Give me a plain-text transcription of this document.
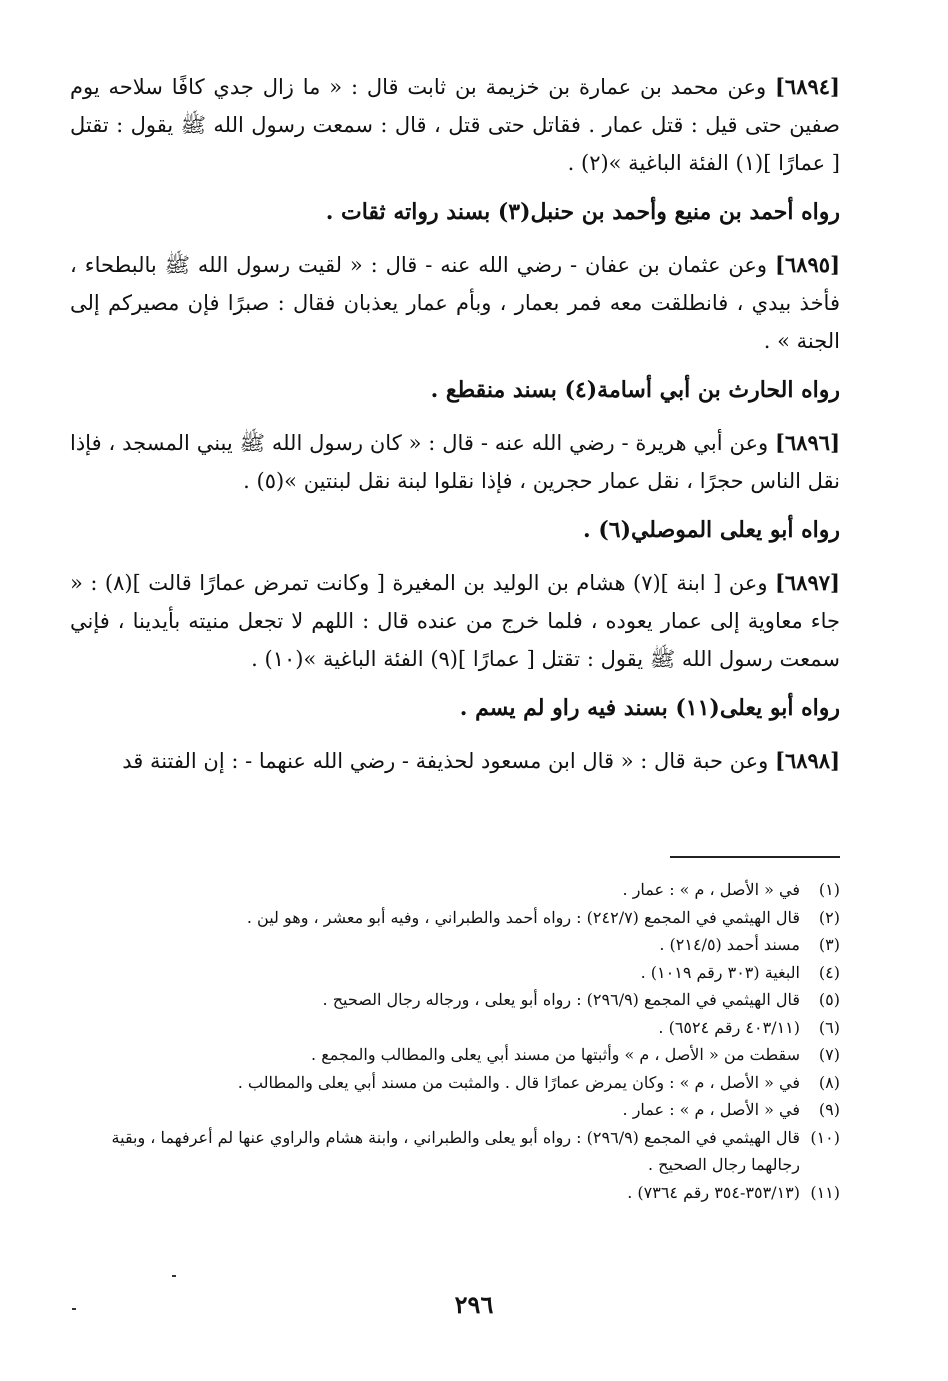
[٦٨٩٤] وعن محمد بن عمارة بن خزيمة بن ثابت قال : « ما زال جدي كافًا سلاحه يوم صفين حتى قيل : قتل عمار . فقاتل حتى قتل ، قال : سمعت رسول الله ﷺ يقول : تقتل [ عمارًا ](١) الفئة الباغية »(٢) .

رواه أحمد بن منيع وأحمد بن حنبل(٣) بسند رواته ثقات .

[٦٨٩٥] وعن عثمان بن عفان - رضي الله عنه - قال : « لقيت رسول الله ﷺ بالبطحاء ، فأخذ بيدي ، فانطلقت معه فمر بعمار ، وبأم عمار يعذبان فقال : صبرًا فإن مصيركم إلى الجنة » .

رواه الحارث بن أبي أسامة(٤) بسند منقطع .

[٦٨٩٦] وعن أبي هريرة - رضي الله عنه - قال : « كان رسول الله ﷺ يبني المسجد ، فإذا نقل الناس حجرًا ، نقل عمار حجرين ، فإذا نقلوا لبنة نقل لبنتين »(٥) .

رواه أبو يعلى الموصلي(٦) .

[٦٨٩٧] وعن [ ابنة ](٧) هشام بن الوليد بن المغيرة [ وكانت تمرض عمارًا قالت ](٨) : « جاء معاوية إلى عمار يعوده ، فلما خرج من عنده قال : اللهم لا تجعل منيته بأيدينا ، فإني سمعت رسول الله ﷺ يقول : تقتل [ عمارًا ](٩) الفئة الباغية »(١٠) .

رواه أبو يعلى(١١) بسند فيه راو لم يسم .

[٦٨٩٨] وعن حبة قال : « قال ابن مسعود لحذيفة - رضي الله عنهما - : إن الفتنة قد

(١)
في « الأصل ، م » : عمار .
(٢)
قال الهيثمي في المجمع (٢٤٢/٧) : رواه أحمد والطبراني ، وفيه أبو معشر ، وهو لين .
(٣)
مسند أحمد (٢١٤/٥) .
(٤)
البغية (٣٠٣ رقم ١٠١٩) .
(٥)
قال الهيثمي في المجمع (٢٩٦/٩) : رواه أبو يعلى ، ورجاله رجال الصحيح .
(٦)
(٤٠٣/١١ رقم ٦٥٢٤) .
(٧)
سقطت من « الأصل ، م » وأثبتها من مسند أبي يعلى والمطالب والمجمع .
(٨)
في « الأصل ، م » : وكان يمرض عمارًا قال . والمثبت من مسند أبي يعلى والمطالب .
(٩)
في « الأصل ، م » : عمار .
(١٠)
قال الهيثمي في المجمع (٢٩٦/٩) : رواه أبو يعلى والطبراني ، وابنة هشام والراوي عنها لم أعرفهما ، وبقية رجالهما رجال الصحيح .
(١١)
(٣٥٣/١٣-٣٥٤ رقم ٧٣٦٤) .
٢٩٦
